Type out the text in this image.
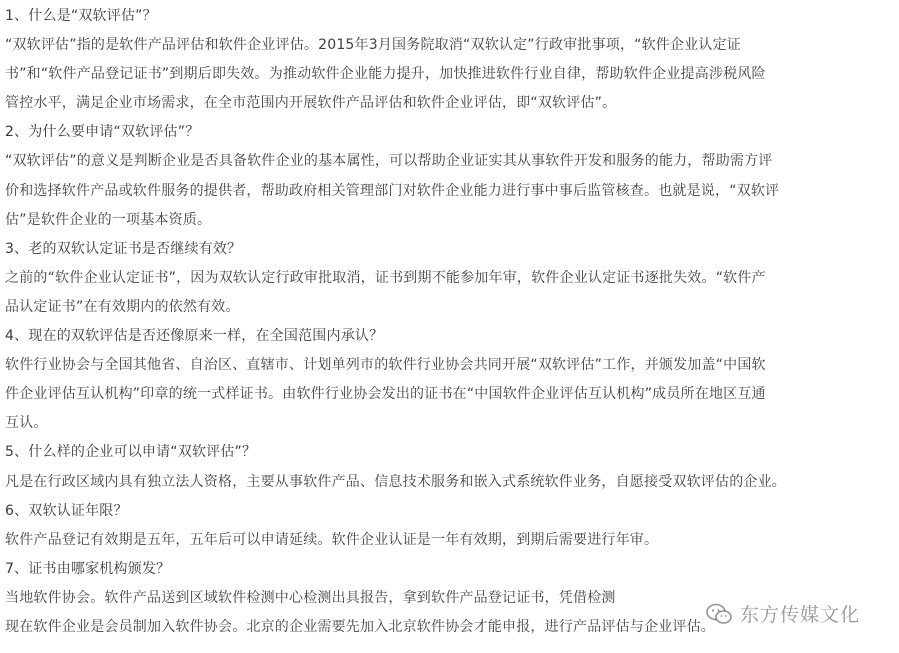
1、什么是“双软评估”？

“双软评估”指的是软件产品评估和软件企业评估。2015年3月国务院取消“双软认定”行政审批事项，“软件企业认定证

书”和“软件产品登记证书”到期后即失效。为推动软件企业能力提升，加快推进软件行业自律，帮助软件企业提高涉税风险

管控水平，满足企业市场需求，在全市范围内开展软件产品评估和软件企业评估，即“双软评估”。

2、为什么要申请“双软评估”？

“双软评估”的意义是判断企业是否具备软件企业的基本属性，可以帮助企业证实其从事软件开发和服务的能力，帮助需方评

价和选择软件产品或软件服务的提供者，帮助政府相关管理部门对软件企业能力进行事中事后监管核查。也就是说，“双软评

估”是软件企业的一项基本资质。

3、老的双软认定证书是否继续有效？

之前的“软件企业认定证书”，因为双软认定行政审批取消，证书到期不能参加年审，软件企业认定证书逐批失效。“软件产

品认定证书”在有效期内的依然有效。

4、现在的双软评估是否还像原来一样，在全国范围内承认？

软件行业协会与全国其他省、自治区、直辖市、计划单列市的软件行业协会共同开展“双软评估”工作，并颁发加盖“中国软

件企业评估互认机构”印章的统一式样证书。由软件行业协会发出的证书在“中国软件企业评估互认机构”成员所在地区互通

互认。

5、什么样的企业可以申请“双软评估”？

凡是在行政区域内具有独立法人资格，主要从事软件产品、信息技术服务和嵌入式系统软件业务，自愿接受双软评估的企业。

6、双软认证年限？

软件产品登记有效期是五年，五年后可以申请延续。软件企业认证是一年有效期，到期后需要进行年审。

7、证书由哪家机构颁发？

当地软件协会。软件产品送到区域软件检测中心检测出具报告，拿到软件产品登记证书，凭借检测

现在软件企业是会员制加入软件协会。北京的企业需要先加入北京软件协会才能申报，进行产品评估与企业评估。

东方传媒文化
